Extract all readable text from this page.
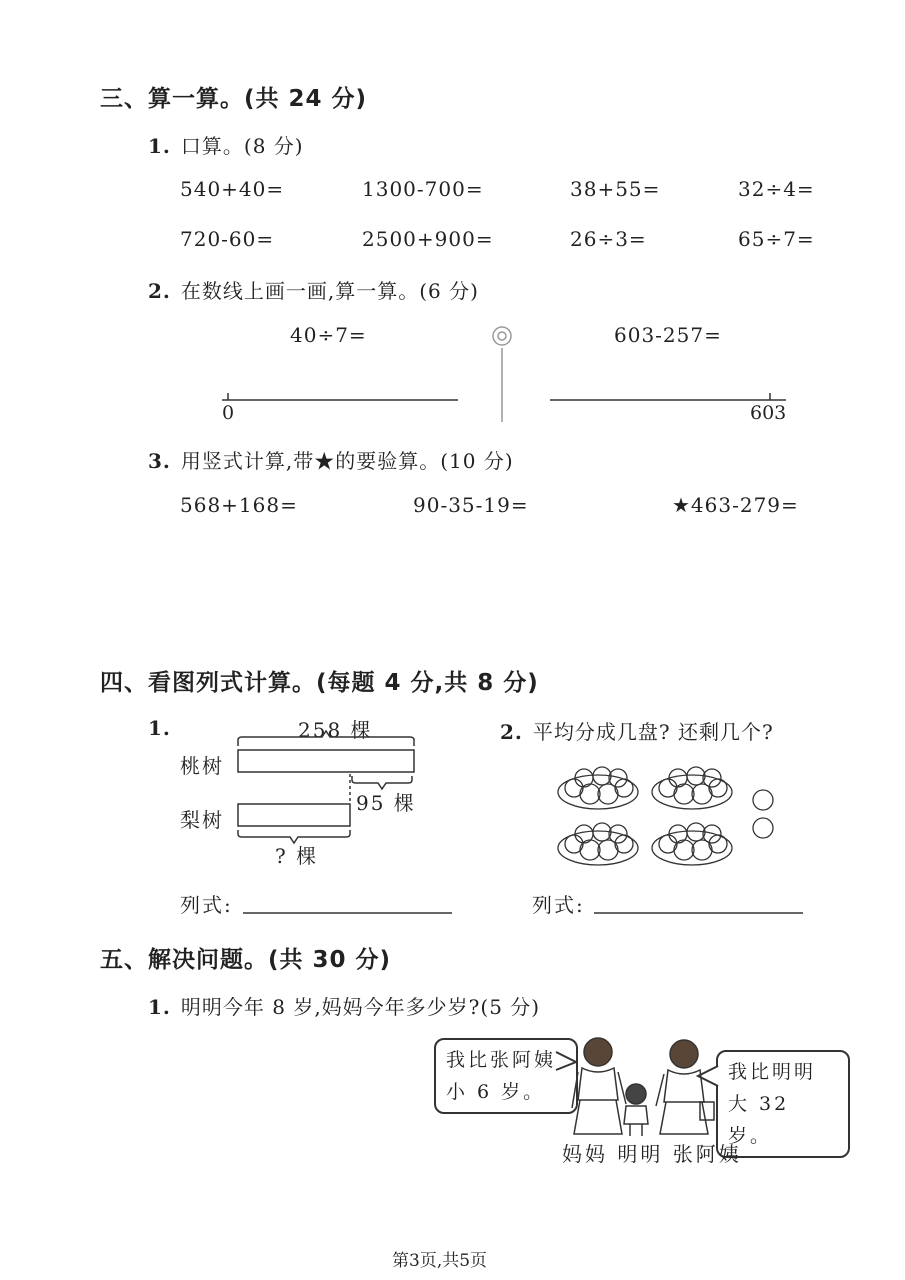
三、算一算。(共 24 分)
1. 口算。(8 分)
540+40=	1300-700=	38+55=	32÷4=
720-60=	2500+900=	26÷3=	65÷7=
2. 在数线上画一画,算一算。(6 分)
40÷7=	603-257=
0	603
3. 用竖式计算,带★的要验算。(10 分)
568+168=	90-35-19=	★463-279=
四、看图列式计算。(每题 4 分,共 8 分)
1.	258 棵
桃树
95 棵
梨树
? 棵
列式:
2. 平均分成几盘? 还剩几个?
列式:
五、解决问题。(共 30 分)
1. 明明今年 8 岁,妈妈今年多少岁?(5 分)
我比张阿姨
小 6 岁。
我比明明
大 32 岁。
妈妈 明明 张阿姨
第3页,共5页
